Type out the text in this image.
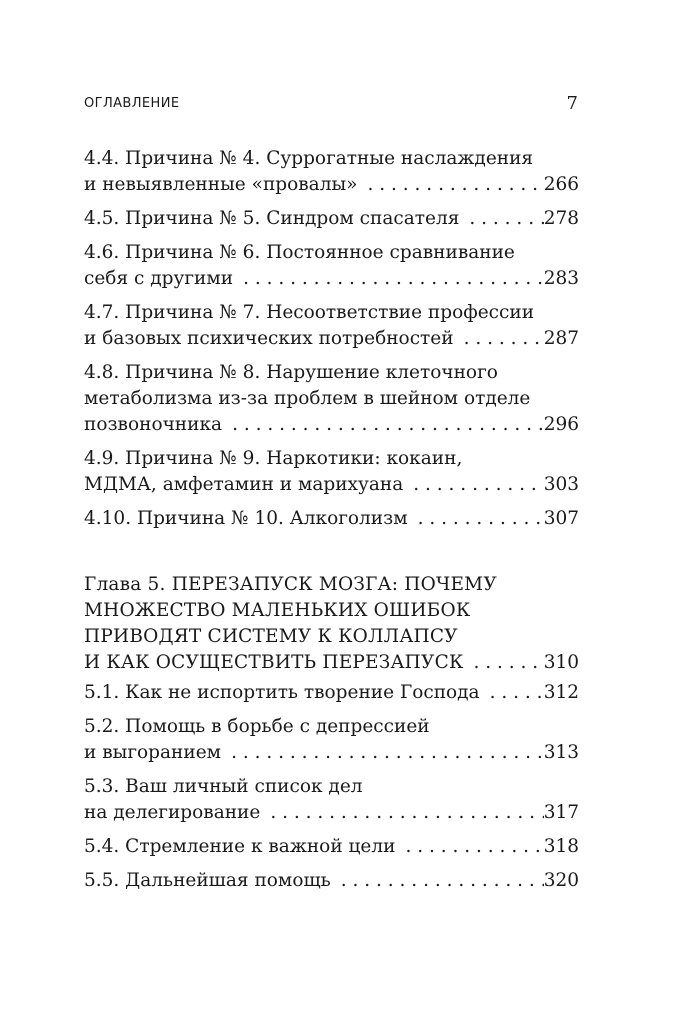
ОГЛАВЛЕНИЕ	7
4.4. Причина № 4. Суррогатные наслаждения
и невыявленные «провалы» . . .	266
4.5. Причина № 5. Синдром спасателя . . .	278
4.6. Причина № 6. Постоянное сравнивание
себя с другими . . .	283
4.7. Причина № 7. Несоответствие профессии
и базовых психических потребностей . . .	287
4.8. Причина № 8. Нарушение клеточного
метаболизма из-за проблем в шейном отделе
позвоночника . . .	296
4.9. Причина № 9. Наркотики: кокаин,
МДМА, амфетамин и марихуана . . .	303
4.10. Причина № 10. Алкоголизм . . .	307
Глава 5. ПЕРЕЗАПУСК МОЗГА: ПОЧЕМУ
МНОЖЕСТВО МАЛЕНЬКИХ ОШИБОК
ПРИВОДЯТ СИСТЕМУ К КОЛЛАПСУ
И КАК ОСУЩЕСТВИТЬ ПЕРЕЗАПУСК . . .	310
5.1. Как не испортить творение Господа . . .	312
5.2. Помощь в борьбе с депрессией
и выгоранием . . .	313
5.3. Ваш личный список дел
на делегирование . . .	317
5.4. Стремление к важной цели . . .	318
5.5. Дальнейшая помощь . . .	320
